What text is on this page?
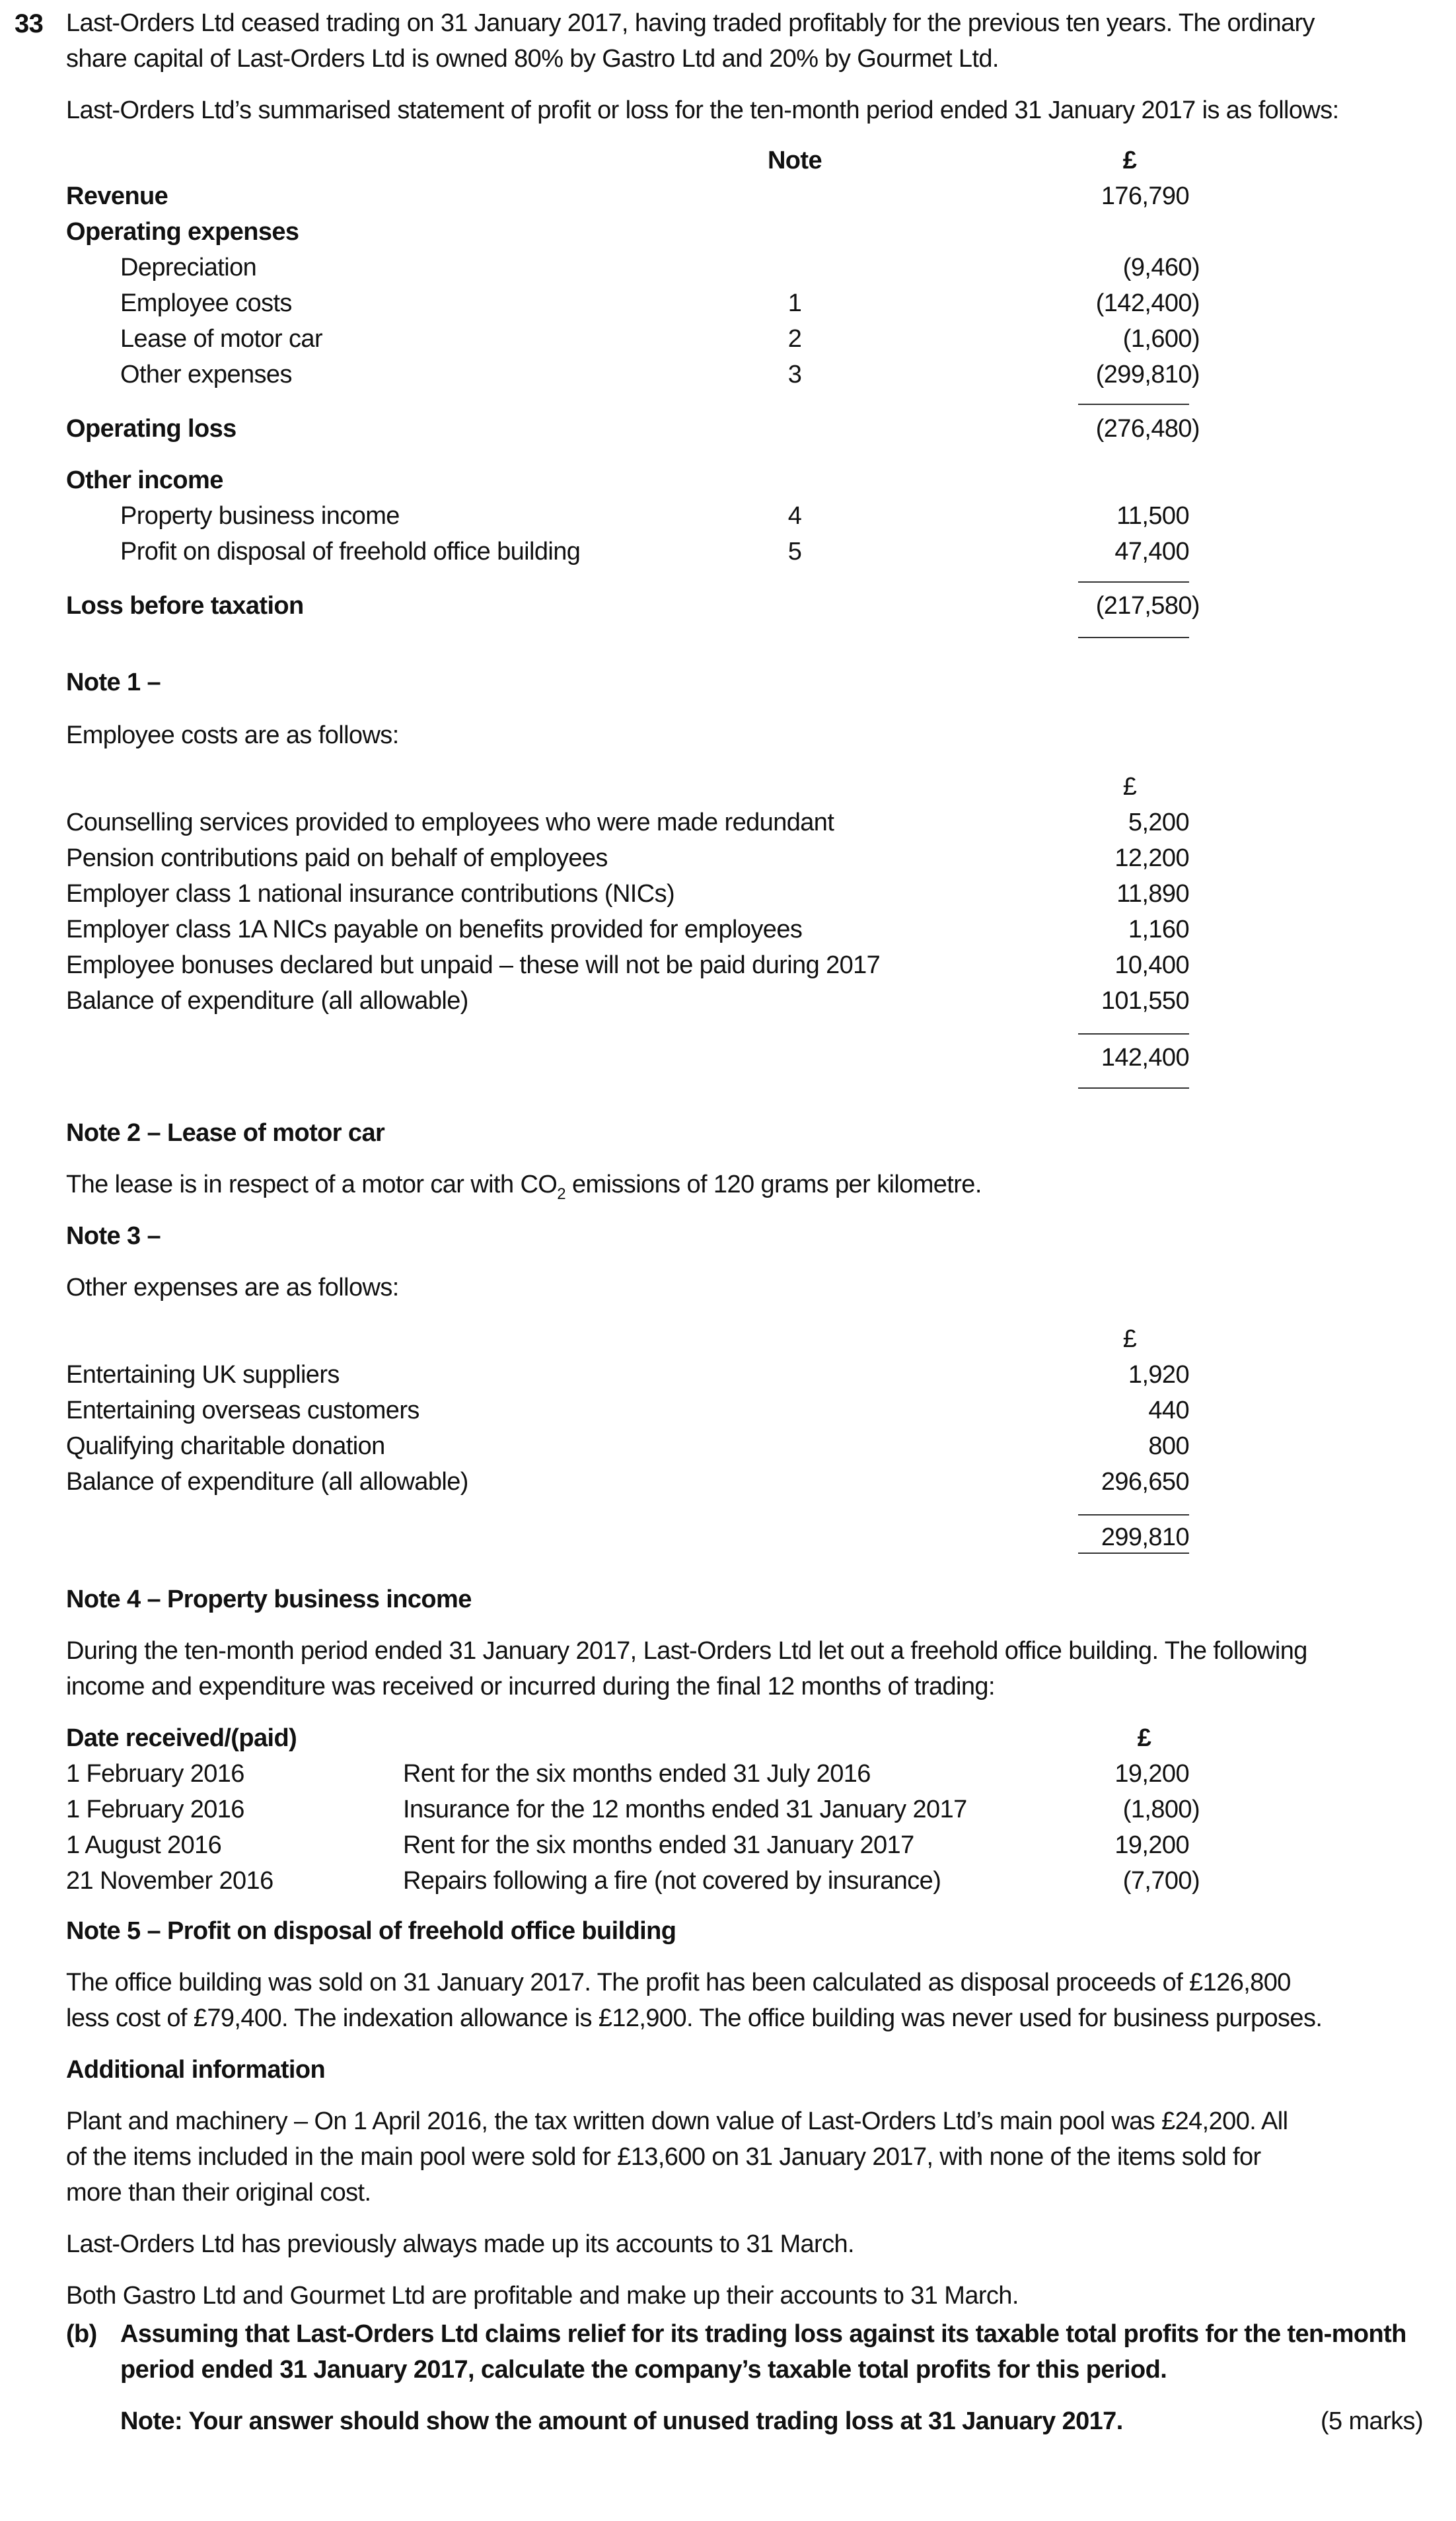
33 Last-Orders Ltd ceased trading on 31 January 2017, having traded profitably for the previous ten years. The ordinary
share capital of Last-Orders Ltd is owned 80% by Gastro Ltd and 20% by Gourmet Ltd.
Last-Orders Ltd’s summarised statement of profit or loss for the ten-month period ended 31 January 2017 is as follows:
Note	£
Revenue	176,790
Operating expenses
Depreciation	(9,460)
Employee costs	1	(142,400)
Lease of motor car	2	(1,600)
Other expenses	3	(299,810)
Operating loss	(276,480)
Other income
Property business income	4	11,500
Profit on disposal of freehold office building	5	47,400
Loss before taxation	(217,580)
Note 1 –
Employee costs are as follows:
£
Counselling services provided to employees who were made redundant	5,200
Pension contributions paid on behalf of employees	12,200
Employer class 1 national insurance contributions (NICs)	11,890
Employer class 1A NICs payable on benefits provided for employees	1,160
Employee bonuses declared but unpaid – these will not be paid during 2017	10,400
Balance of expenditure (all allowable)	101,550
142,400
Note 2 – Lease of motor car
The lease is in respect of a motor car with $CO_2$ emissions of 120 grams per kilometre.
Note 3 –
Other expenses are as follows:
£
Entertaining UK suppliers	1,920
Entertaining overseas customers	440
Qualifying charitable donation	800
Balance of expenditure (all allowable)	296,650
299,810
Note 4 – Property business income
During the ten-month period ended 31 January 2017, Last-Orders Ltd let out a freehold office building. The following
income and expenditure was received or incurred during the final 12 months of trading:
Date received/(paid)	£
1 February 2016	Rent for the six months ended 31 July 2016	19,200
1 February 2016	Insurance for the 12 months ended 31 January 2017	(1,800)
1 August 2016	Rent for the six months ended 31 January 2017	19,200
21 November 2016	Repairs following a fire (not covered by insurance)	(7,700)
Note 5 – Profit on disposal of freehold office building
The office building was sold on 31 January 2017. The profit has been calculated as disposal proceeds of £126,800
less cost of £79,400. The indexation allowance is £12,900. The office building was never used for business purposes.
Additional information
Plant and machinery – On 1 April 2016, the tax written down value of Last-Orders Ltd’s main pool was £24,200. All
of the items included in the main pool were sold for £13,600 on 31 January 2017, with none of the items sold for
more than their original cost.
Last-Orders Ltd has previously always made up its accounts to 31 March.
Both Gastro Ltd and Gourmet Ltd are profitable and make up their accounts to 31 March.
(b) Assuming that Last-Orders Ltd claims relief for its trading loss against its taxable total profits for the ten-month
period ended 31 January 2017, calculate the company’s taxable total profits for this period.
Note: Your answer should show the amount of unused trading loss at 31 January 2017.	(5 marks)
